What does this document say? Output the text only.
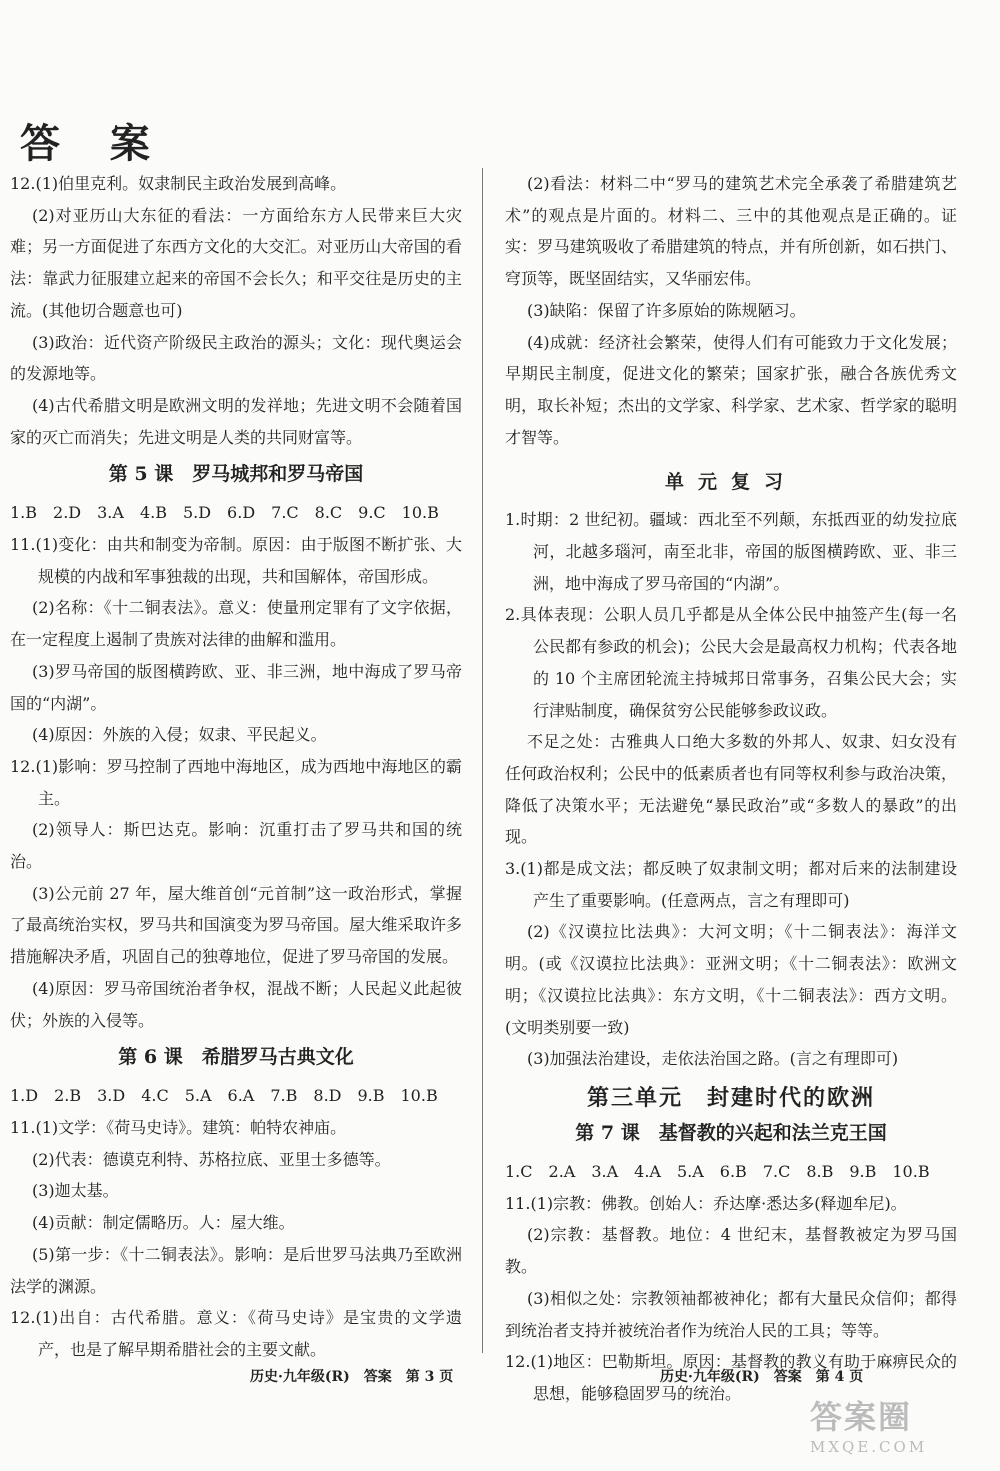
答 案
12.(1)伯里克利。奴隶制民主政治发展到高峰。
(2)对亚历山大东征的看法：一方面给东方人民带来巨大灾难；另一方面促进了东西方文化的大交汇。对亚历山大帝国的看法：靠武力征服建立起来的帝国不会长久；和平交往是历史的主流。(其他切合题意也可)
(3)政治：近代资产阶级民主政治的源头；文化：现代奥运会的发源地等。
(4)古代希腊文明是欧洲文明的发祥地；先进文明不会随着国家的灭亡而消失；先进文明是人类的共同财富等。
第 5 课　罗马城邦和罗马帝国
1.B　2.D　3.A　4.B　5.D　6.D　7.C　8.C　9.C　10.B
11.(1)变化：由共和制变为帝制。原因：由于版图不断扩张、大规模的内战和军事独裁的出现，共和国解体，帝国形成。
(2)名称：《十二铜表法》。意义：使量刑定罪有了文字依据，在一定程度上遏制了贵族对法律的曲解和滥用。
(3)罗马帝国的版图横跨欧、亚、非三洲，地中海成了罗马帝国的“内湖”。
(4)原因：外族的入侵；奴隶、平民起义。
12.(1)影响：罗马控制了西地中海地区，成为西地中海地区的霸主。
(2)领导人：斯巴达克。影响：沉重打击了罗马共和国的统治。
(3)公元前 27 年，屋大维首创“元首制”这一政治形式，掌握了最高统治实权，罗马共和国演变为罗马帝国。屋大维采取许多措施解决矛盾，巩固自己的独尊地位，促进了罗马帝国的发展。
(4)原因：罗马帝国统治者争权，混战不断；人民起义此起彼伏；外族的入侵等。
第 6 课　希腊罗马古典文化
1.D　2.B　3.D　4.C　5.A　6.A　7.B　8.D　9.B　10.B
11.(1)文学：《荷马史诗》。建筑：帕特农神庙。
(2)代表：德谟克利特、苏格拉底、亚里士多德等。
(3)迦太基。
(4)贡献：制定儒略历。人：屋大维。
(5)第一步：《十二铜表法》。影响：是后世罗马法典乃至欧洲法学的渊源。
12.(1)出自：古代希腊。意义：《荷马史诗》是宝贵的文学遗产，也是了解早期希腊社会的主要文献。
(2)看法：材料二中“罗马的建筑艺术完全承袭了希腊建筑艺术”的观点是片面的。材料二、三中的其他观点是正确的。证实：罗马建筑吸收了希腊建筑的特点，并有所创新，如石拱门、穹顶等，既坚固结实，又华丽宏伟。
(3)缺陷：保留了许多原始的陈规陋习。
(4)成就：经济社会繁荣，使得人们有可能致力于文化发展；早期民主制度，促进文化的繁荣；国家扩张，融合各族优秀文明，取长补短；杰出的文学家、科学家、艺术家、哲学家的聪明才智等。
单元复习
1.时期：2 世纪初。疆域：西北至不列颠，东抵西亚的幼发拉底河，北越多瑙河，南至北非，帝国的版图横跨欧、亚、非三洲，地中海成了罗马帝国的“内湖”。
2.具体表现：公职人员几乎都是从全体公民中抽签产生(每一名公民都有参政的机会)；公民大会是最高权力机构；代表各地的 10 个主席团轮流主持城邦日常事务，召集公民大会；实行津贴制度，确保贫穷公民能够参政议政。
不足之处：古雅典人口绝大多数的外邦人、奴隶、妇女没有任何政治权利；公民中的低素质者也有同等权利参与政治决策，降低了决策水平；无法避免“暴民政治”或“多数人的暴政”的出现。
3.(1)都是成文法；都反映了奴隶制文明；都对后来的法制建设产生了重要影响。(任意两点，言之有理即可)
(2)《汉谟拉比法典》：大河文明；《十二铜表法》：海洋文明。(或《汉谟拉比法典》：亚洲文明；《十二铜表法》：欧洲文明；《汉谟拉比法典》：东方文明，《十二铜表法》：西方文明。(文明类别要一致)
(3)加强法治建设，走依法治国之路。(言之有理即可)
第三单元　封建时代的欧洲
第 7 课　基督教的兴起和法兰克王国
1.C　2.A　3.A　4.A　5.A　6.B　7.C　8.B　9.B　10.B
11.(1)宗教：佛教。创始人：乔达摩·悉达多(释迦牟尼)。
(2)宗教：基督教。地位：4 世纪末，基督教被定为罗马国教。
(3)相似之处：宗教领袖都被神化；都有大量民众信仰；都得到统治者支持并被统治者作为统治人民的工具；等等。
12.(1)地区：巴勒斯坦。原因：基督教的教义有助于麻痹民众的思想，能够稳固罗马的统治。
历史·九年级(R)　答案　第 3 页	历史·九年级(R)　答案　第 4 页
答案圈
MXQE.COM
